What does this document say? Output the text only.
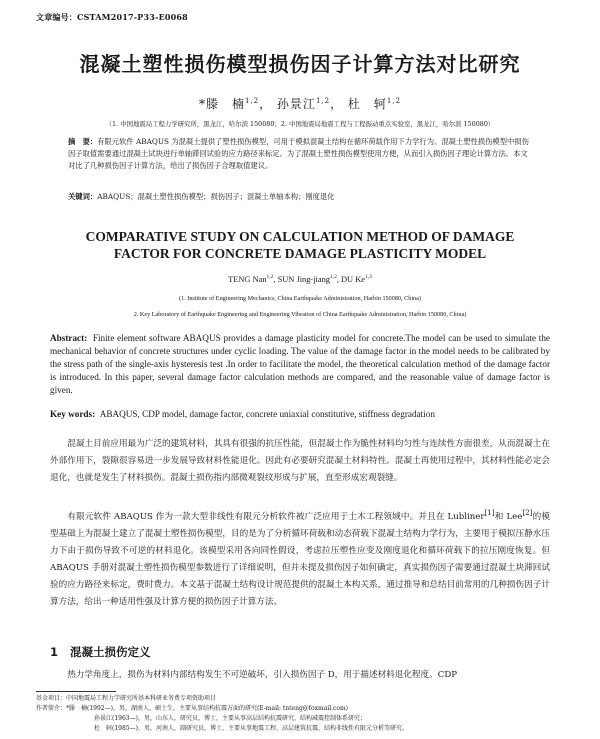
文章编号：CSTAM2017-P33-E0068
混凝土塑性损伤模型损伤因子计算方法对比研究
*滕　楠$^{1,2}$， 孙景江$^{1,2}$， 杜　轲$^{1,2}$
（1. 中国地震局工程力学研究所，黑龙江，哈尔滨 150080；2. 中国地震局地震工程与工程振动重点实验室，黑龙江，哈尔滨 150080）
摘　要：有限元软件 ABAQUS 为混凝土提供了塑性损伤模型，可用于模拟混凝土结构在循环荷载作用下力学行为。混凝土塑性损伤模型中损伤因子取值需要通过混凝土试块进行单轴滞回试验的应力路径来标定。为了混凝土塑性损伤模型使用方便，从而引入损伤因子理论计算方法。本文对比了几种损伤因子计算方法，给出了损伤因子合理取值建议。
关键词：ABAQUS；混凝土塑性损伤模型；损伤因子；混凝土单轴本构；刚度退化
COMPARATIVE STUDY ON CALCULATION METHOD OF DAMAGE
FACTOR FOR CONCRETE DAMAGE PLASTICITY MODEL
TENG Nan$^{1,2}$, SUN Jing-jiang$^{1,2}$, DU Ke$^{1,3}$
(1. Institute of Engineering Mechanics, China Earthquake Administration, Harbin 150080, China)
2. Key Laboratory of Earthquake Engineering and Engineering Vibration of China Earthquake Administration, Harbin 150080, China)
Abstract: Finite element software ABAQUS provides a damage plasticity model for concrete.The model can be used to simulate the mechanical behavior of concrete structures under cyclic loading. The value of the damage factor in the model needs to be calibrated by the stress path of the single-axis hysteresis test .In order to facilitate the model, the theoretical calculation method of the damage factor is introduced. In this paper, several damage factor calculation methods are compared, and the reasonable value of damage factor is given.
Key words: ABAQUS, CDP model, damage factor, concrete uniaxial constitutive, stiffness degradation
  混凝土目前应用最为广泛的建筑材料，其具有很强的抗压性能，但混凝土作为脆性材料均匀性与连续性方面很差，从而混凝土在外部作用下，裂隙很容易进一步发展导致材料性能退化。因此有必要研究混凝土材料特性。混凝土再使用过程中，其材料性能必定会退化，也就是发生了材料损伤。混凝土损伤指内部微观裂纹形成与扩展，直至形成宏观裂缝。
  有限元软件 ABAQUS 作为一款大型非线性有限元分析软件被广泛应用于土木工程领域中。并且在 Lubliner[1]和 Lee[2]的模型基础上为混凝土建立了混凝土塑性损伤模型，目的是为了分析循环荷载和动态荷载下混凝土结构力学行为，主要用于模拟压静水压力下由于损伤导致不可逆的材料退化。该模型采用各向同性假设，考虑拉压塑性应变及刚度退化和循环荷载下的拉压刚度恢复。但 ABAQUS 手册对混凝土塑性损伤模型参数进行了详细说明，但并未提及损伤因子如何确定，真实损伤因子需要通过混凝土块滞回试验的应力路径来标定，费时费力。本文基于混凝土结构设计规范提供的混凝土本构关系，通过推导和总结目前常用的几种损伤因子计算方法，给出一种适用性强及计算方便的损伤因子计算方法。
1 混凝土损伤定义
  热力学角度上，损伤为材料内部结构发生不可逆破坏，引入损伤因子 D，用于描述材料退化程度。CDP
基金项目：中国地震局工程力学研究所基本科研业务费专项资助项目
作者简介：*滕　楠(1992—)，男，湖南人，硕士生，主要从事结构抗震方面的研究(E-mail: tnteng@foxmail.com)
孙景江(1963—)，男，山东人，研究员，博士，主要从事高层结构抗震研究、结构减震控制体系研究；
杜　轲(1985—)，男，河南人，副研究员，博士，主要从事地震工程、高层建筑抗震、结构非线性有限元分析等研究。
